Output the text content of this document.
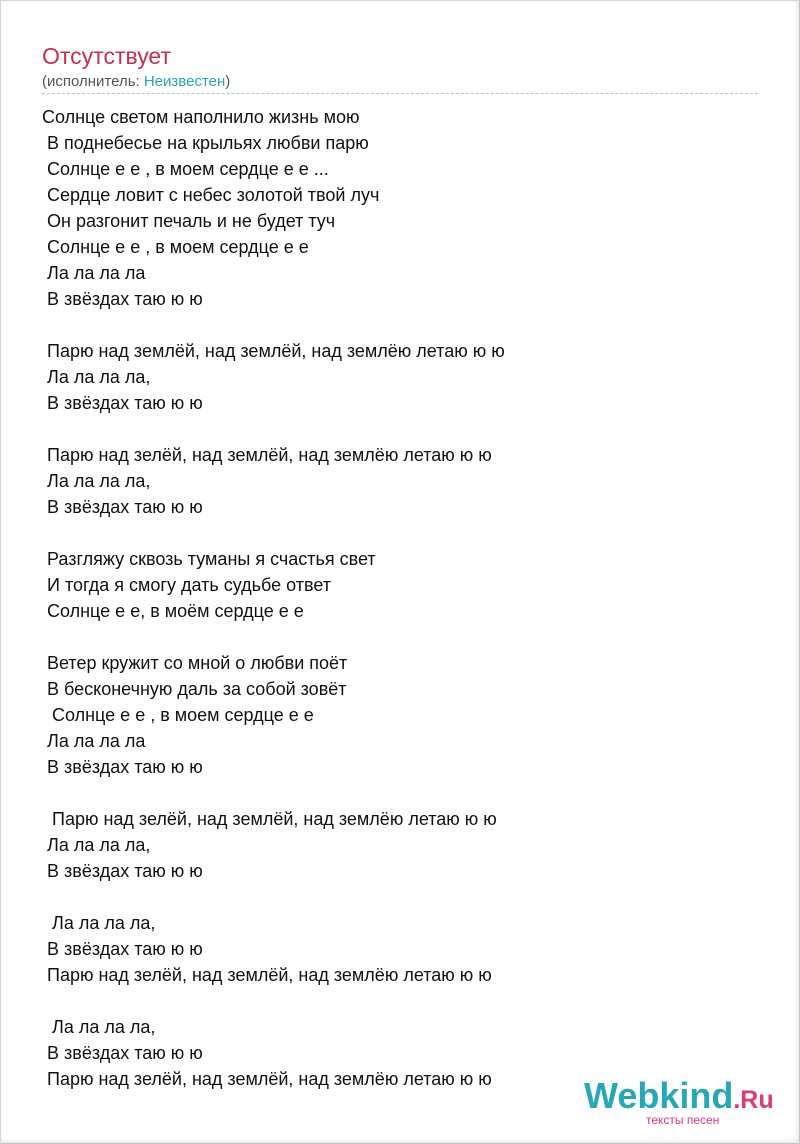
Отсутствует
(исполнитель: Неизвестен)
Солнце светом наполнило жизнь мою
В поднебесье на крыльях любви парю
Солнце е е , в моем сердце е е ...
Сердце ловит с небес золотой твой луч
Он разгонит печаль и не будет туч
Солнце е е , в моем сердце е е
Ла ла ла ла
В звёздах таю ю ю
Парю над землёй, над землёй, над землёю летаю ю ю
Ла ла ла ла,
В звёздах таю ю ю
Парю над зелёй, над землёй, над землёю летаю ю ю
Ла ла ла ла,
В звёздах таю ю ю
Разгляжу сквозь туманы я счастья свет
И тогда я смогу дать судьбе ответ
Солнце е е, в моём сердце е е
Ветер кружит со мной о любви поёт
В бесконечную даль за собой зовёт
Солнце е е , в моем сердце е е
Ла ла ла ла
В звёздах таю ю ю
Парю над зелёй, над землёй, над землёю летаю ю ю
Ла ла ла ла,
В звёздах таю ю ю
Ла ла ла ла,
В звёздах таю ю ю
Парю над зелёй, над землёй, над землёю летаю ю ю
Ла ла ла ла,
В звёздах таю ю ю
Парю над зелёй, над землёй, над землёю летаю ю ю	Webkind.Ru
тексты песен
